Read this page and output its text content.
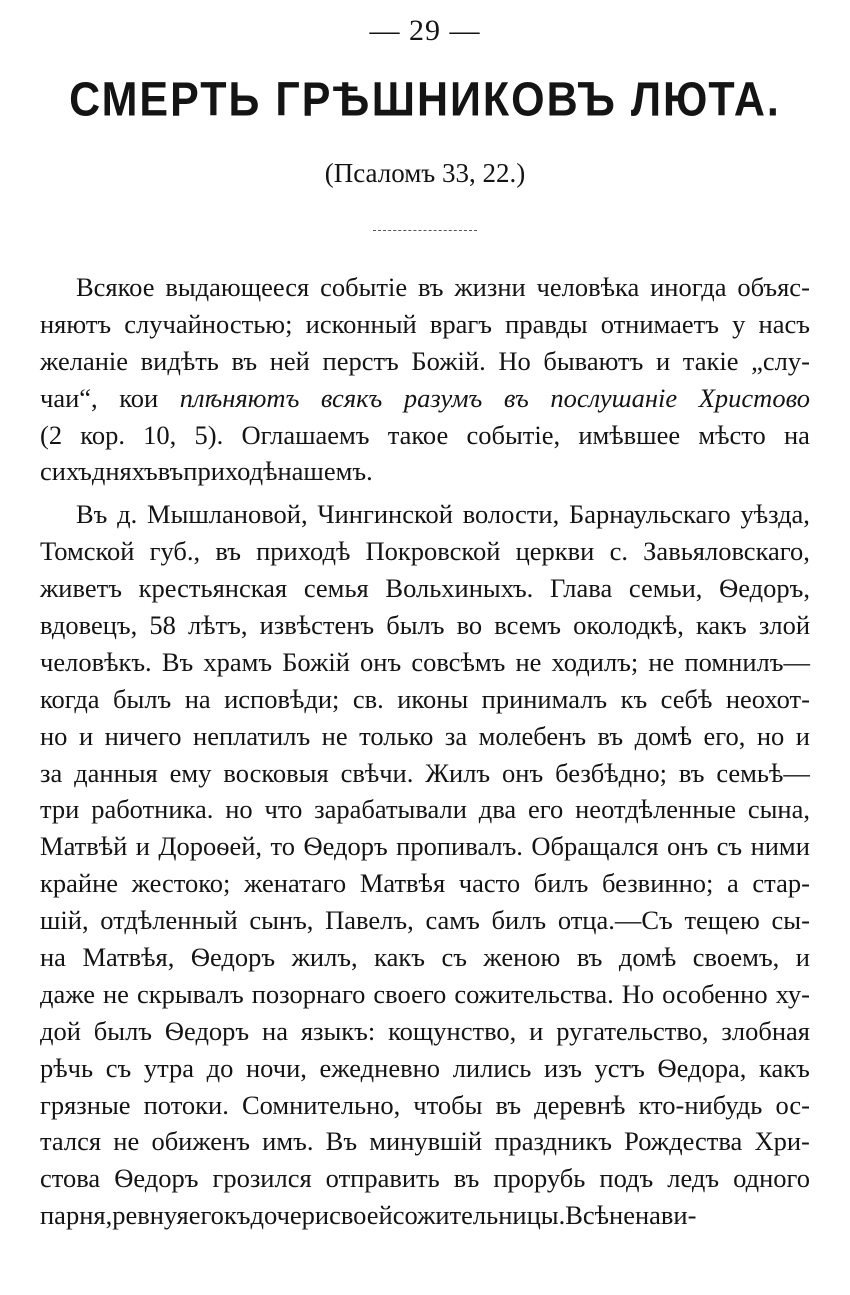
— 29 —
СМЕРТЬ ГРѢШНИКОВЪ ЛЮТА.
(Псаломъ 33, 22.)
Всякое выдающееся событіе въ жизни человѣка иногда объяс-
няютъ случайностью; исконный врагъ правды отнимаетъ у насъ
желаніе видѣть въ ней перстъ Божій. Но бываютъ и такіе „слу-
чаи“, кои плѣняютъ всякъ разумъ въ послушаніе Христово
(2 кор. 10, 5). Оглашаемъ такое событіе, имѣвшее мѣсто на
сихъ дняхъ въ приходѣ нашемъ.
Въ д. Мышлановой, Чингинской волости, Барнаульскаго уѣзда,
Томской губ., въ приходѣ Покровской церкви с. Завьяловскаго,
живетъ крестьянская семья Вольхиныхъ. Глава семьи, Ѳедоръ,
вдовецъ, 58 лѣтъ, извѣстенъ былъ во всемъ околодкѣ, какъ злой
человѣкъ. Въ храмъ Божій онъ совсѣмъ не ходилъ; не помнилъ—
когда былъ на исповѣди; св. иконы принималъ къ себѣ неохот-
но и ничего неплатилъ не только за молебенъ въ домѣ его, но и
за данныя ему восковыя свѣчи. Жилъ онъ безбѣдно; въ семьѣ—
три работника. но что зарабатывали два его неотдѣленные сына,
Матвѣй и Дороѳей, то Ѳедоръ пропивалъ. Обращался онъ съ ними
крайне жестоко; женатаго Матвѣя часто билъ безвинно; а стар-
шій, отдѣленный сынъ, Павелъ, самъ билъ отца.—Съ тещею сы-
на Матвѣя, Ѳедоръ жилъ, какъ съ женою въ домѣ своемъ, и
даже не скрывалъ позорнаго своего сожительства. Но особенно ху-
дой былъ Ѳедоръ на языкъ: кощунство, и ругательство, злобная
рѣчь съ утра до ночи, ежедневно лились изъ устъ Ѳедора, какъ
грязные потоки. Сомнительно, чтобы въ деревнѣ кто-нибудь ос-
тался не обиженъ имъ. Въ минувшій праздникъ Рождества Хри-
стова Ѳедоръ грозился отправить въ прорубь подъ ледъ одного
парня, ревнуя его къ дочери своей сожительницы. Всѣ ненави-
